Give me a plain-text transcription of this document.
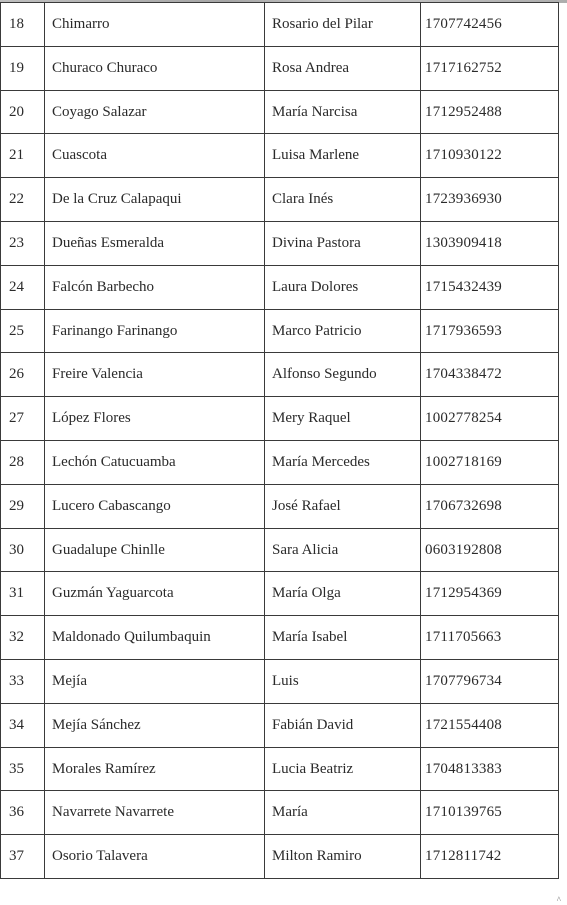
18	Chimarro	Rosario del Pilar	1707742456
19	Churaco Churaco	Rosa Andrea	1717162752
20	Coyago Salazar	María Narcisa	1712952488
21	Cuascota	Luisa Marlene	1710930122
22	De la Cruz Calapaqui	Clara Inés	1723936930
23	Dueñas Esmeralda	Divina Pastora	1303909418
24	Falcón Barbecho	Laura Dolores	1715432439
25	Farinango Farinango	Marco Patricio	1717936593
26	Freire Valencia	Alfonso Segundo	1704338472
27	López Flores	Mery Raquel	1002778254
28	Lechón Catucuamba	María Mercedes	1002718169
29	Lucero Cabascango	José Rafael	1706732698
30	Guadalupe Chinlle	Sara Alicia	0603192808
31	Guzmán Yaguarcota	María Olga	1712954369
32	Maldonado Quilumbaquin	María Isabel	1711705663
33	Mejía	Luis	1707796734
34	Mejía Sánchez	Fabián David	1721554408
35	Morales Ramírez	Lucia Beatriz	1704813383
36	Navarrete Navarrete	María	1710139765
37	Osorio Talavera	Milton Ramiro	1712811742
^
